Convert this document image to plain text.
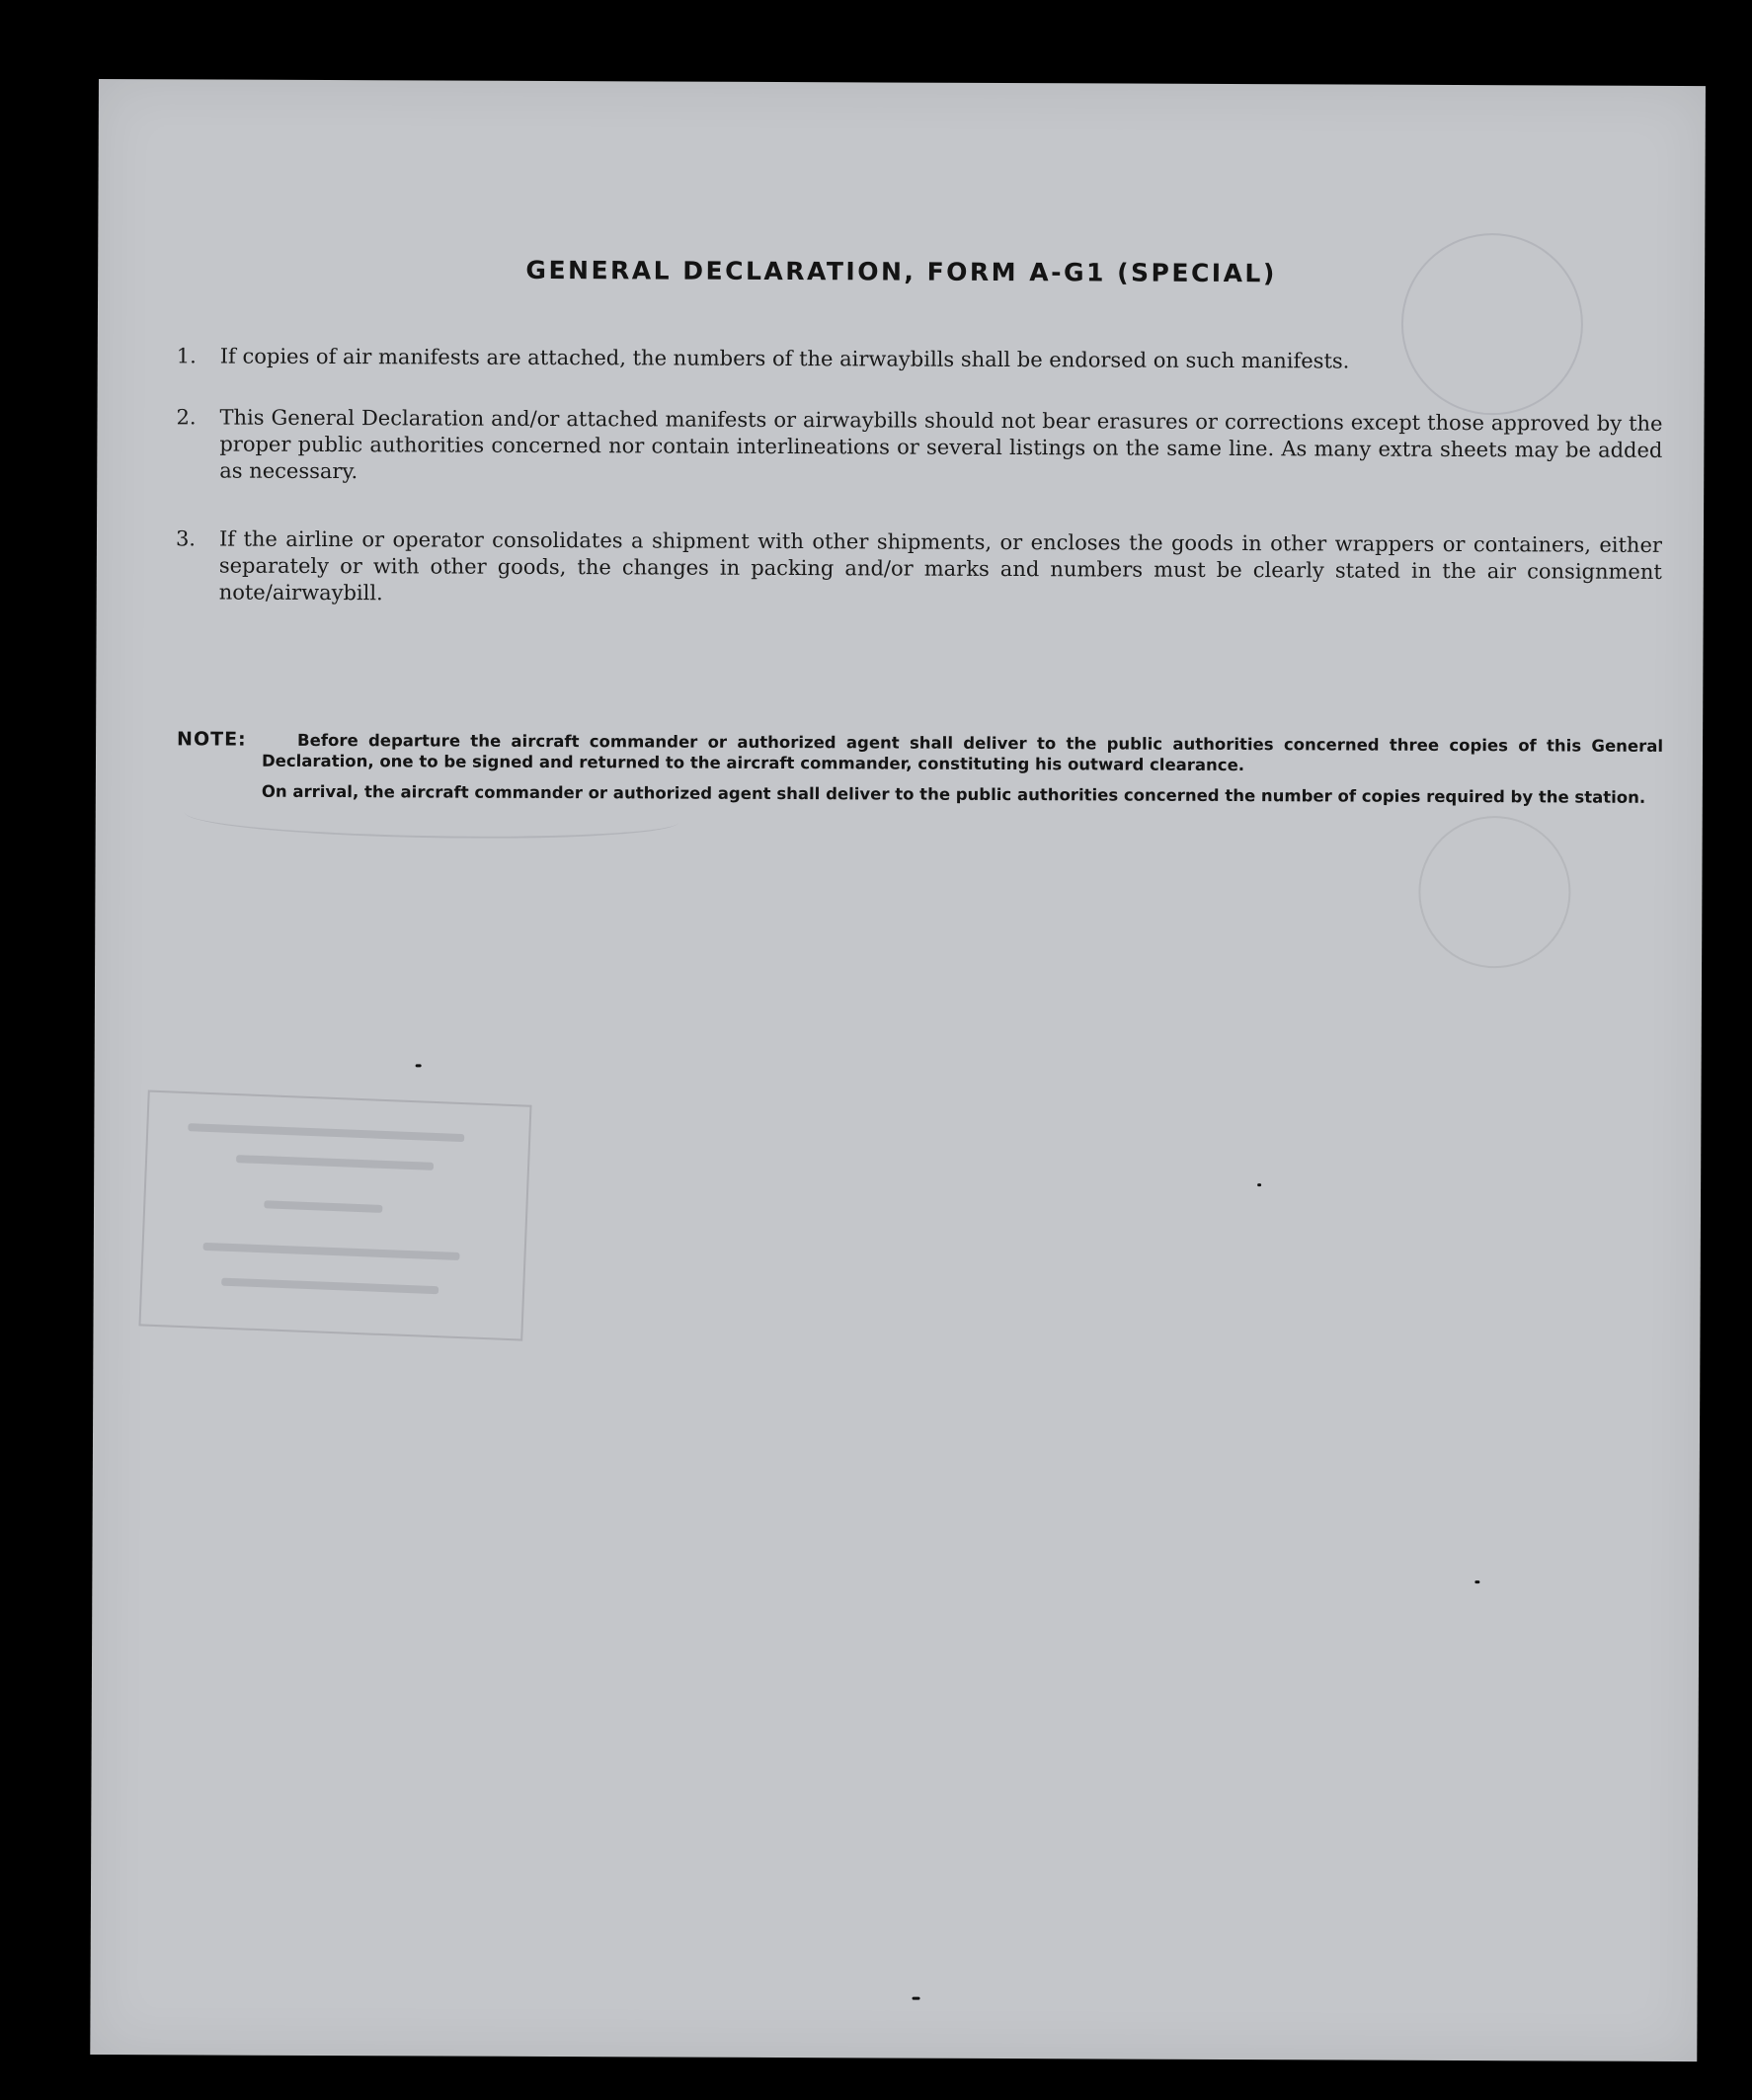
GENERAL DECLARATION, FORM A-G1 (SPECIAL)
1. If copies of air manifests are attached, the numbers of the airwaybills shall be endorsed on such manifests.
2. This General Declaration and/or attached manifests or airwaybills should not bear erasures or corrections except those approved by the proper public authorities concerned nor contain interlineations or several listings on the same line. As many extra sheets may be added as necessary.
3. If the airline or operator consolidates a shipment with other shipments, or encloses the goods in other wrappers or containers, either separately or with other goods, the changes in packing and/or marks and numbers must be clearly stated in the air consignment note/airwaybill.
NOTE:	Before departure the aircraft commander or authorized agent shall deliver to the public authorities concerned three copies of this General Declaration, one to be signed and returned to the aircraft commander, constituting his outward clearance.
On arrival, the aircraft commander or authorized agent shall deliver to the public authorities concerned the number of copies required by the station.
